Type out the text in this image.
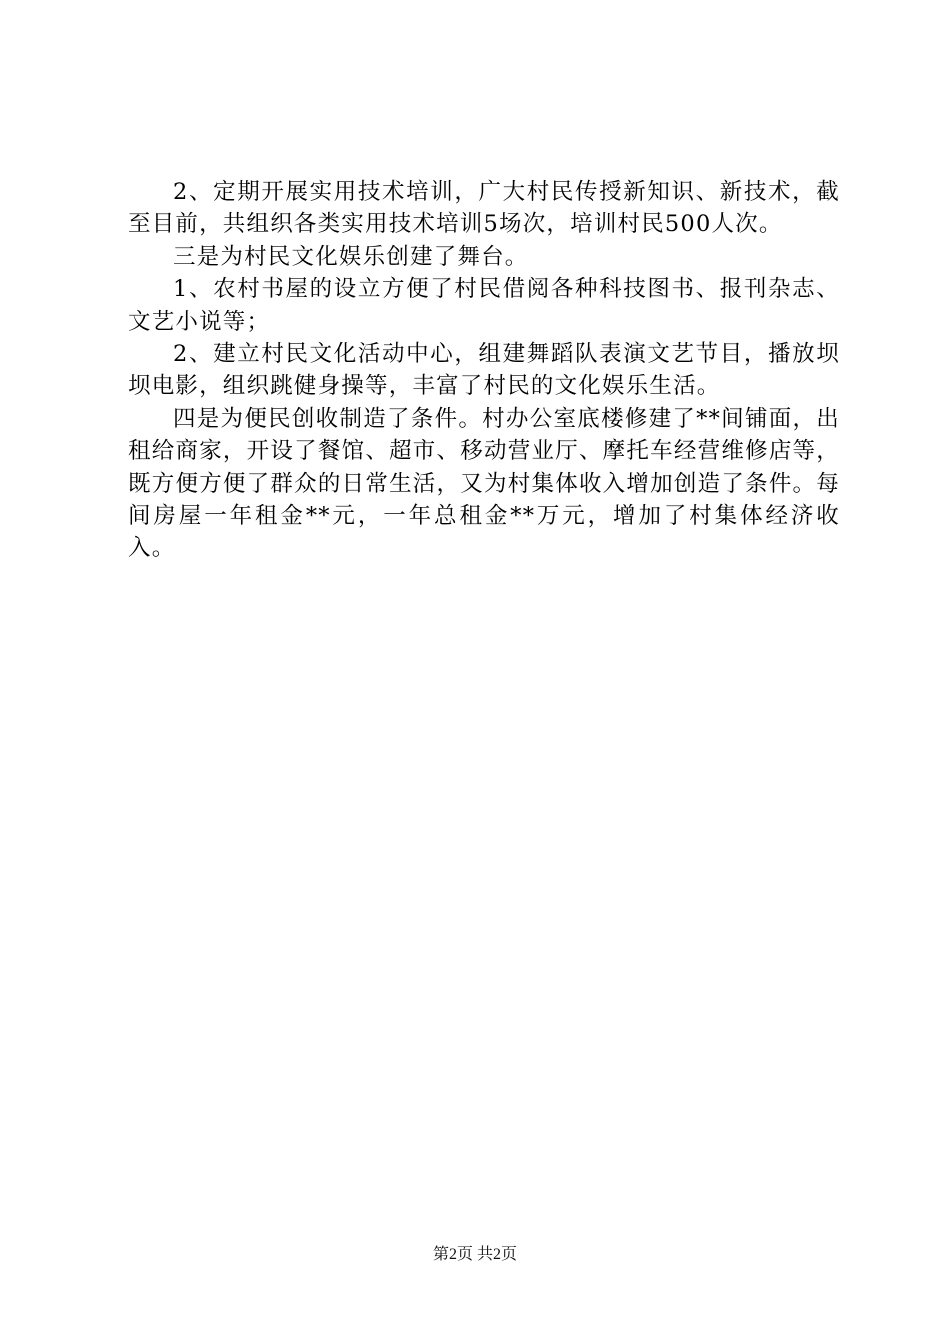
2、定期开展实用技术培训，广大村民传授新知识、新技术，截至目前，共组织各类实用技术培训5场次，培训村民500人次。

三是为村民文化娱乐创建了舞台。

1、农村书屋的设立方便了村民借阅各种科技图书、报刊杂志、文艺小说等；

2、建立村民文化活动中心，组建舞蹈队表演文艺节目，播放坝坝电影，组织跳健身操等，丰富了村民的文化娱乐生活。

四是为便民创收制造了条件。村办公室底楼修建了**间铺面，出租给商家，开设了餐馆、超市、移动营业厅、摩托车经营维修店等，既方便方便了群众的日常生活，又为村集体收入增加创造了条件。每间房屋一年租金**元，一年总租金**万元，增加了村集体经济收入。

第2页 共2页
